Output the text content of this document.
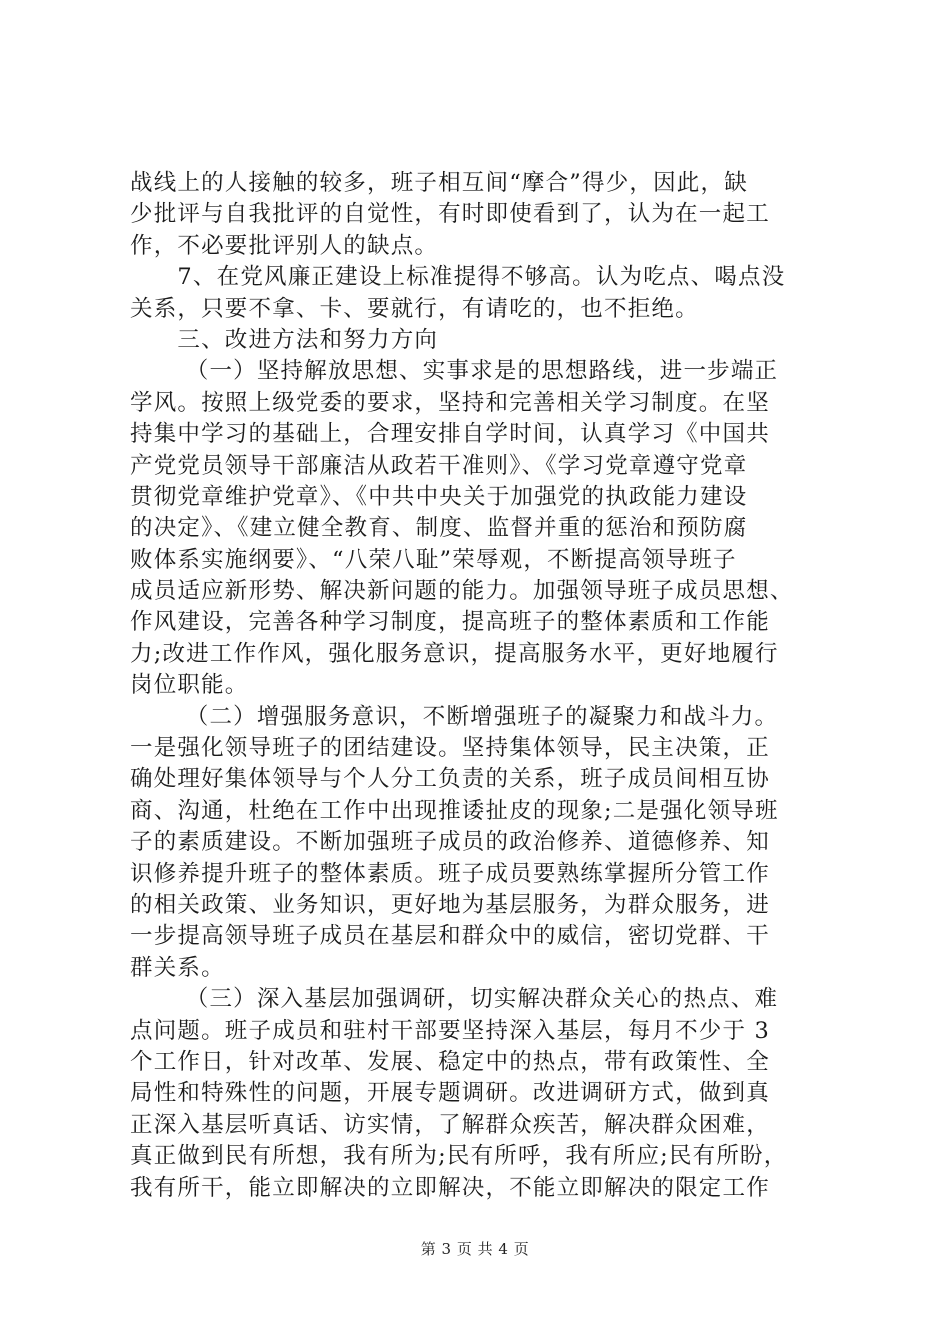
战线上的人接触的较多，班子相互间“摩合”得少，因此，缺
少批评与自我批评的自觉性，有时即使看到了，认为在一起工
作，不必要批评别人的缺点。
　　7、在党风廉正建设上标准提得不够高。认为吃点、喝点没
关系，只要不拿、卡、要就行，有请吃的，也不拒绝。
　　三、改进方法和努力方向
　　 （一）坚持解放思想、实事求是的思想路线，进一步端正
学风。按照上级党委的要求，坚持和完善相关学习制度。在坚
持集中学习的基础上，合理安排自学时间，认真学习《中国共
产党党员领导干部廉洁从政若干准则》、《学习党章遵守党章
贯彻党章维护党章》、《中共中央关于加强党的执政能力建设
的决定》、《建立健全教育、制度、监督并重的惩治和预防腐
败体系实施纲要》、“八荣八耻”荣辱观，不断提高领导班子
成员适应新形势、解决新问题的能力。加强领导班子成员思想、
作风建设，完善各种学习制度，提高班子的整体素质和工作能
力;改进工作作风，强化服务意识，提高服务水平，更好地履行
岗位职能。
　　 （二）增强服务意识，不断增强班子的凝聚力和战斗力。
一是强化领导班子的团结建设。坚持集体领导，民主决策，正
确处理好集体领导与个人分工负责的关系，班子成员间相互协
商、沟通，杜绝在工作中出现推诿扯皮的现象;二是强化领导班
子的素质建设。不断加强班子成员的政治修养、道德修养、知
识修养提升班子的整体素质。班子成员要熟练掌握所分管工作
的相关政策、业务知识，更好地为基层服务，为群众服务，进
一步提高领导班子成员在基层和群众中的威信，密切党群、干
群关系。
　　 （三）深入基层加强调研，切实解决群众关心的热点、难
点问题。班子成员和驻村干部要坚持深入基层，每月不少于 3
个工作日，针对改革、发展、稳定中的热点，带有政策性、全
局性和特殊性的问题，开展专题调研。改进调研方式，做到真
正深入基层听真话、访实情，了解群众疾苦，解决群众困难，
真正做到民有所想，我有所为;民有所呼，我有所应;民有所盼，
我有所干，能立即解决的立即解决，不能立即解决的限定工作
第 3 页 共 4 页
